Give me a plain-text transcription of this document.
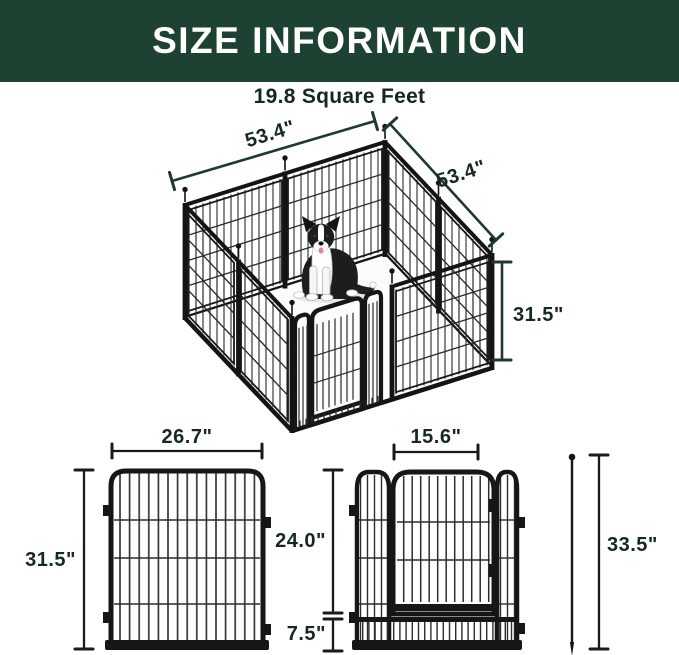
SIZE INFORMATION
19.8 Square Feet
53.4"
53.4"
31.5"
26.7"
31.5"
24.0"
7.5"
15.6"
33.5"
